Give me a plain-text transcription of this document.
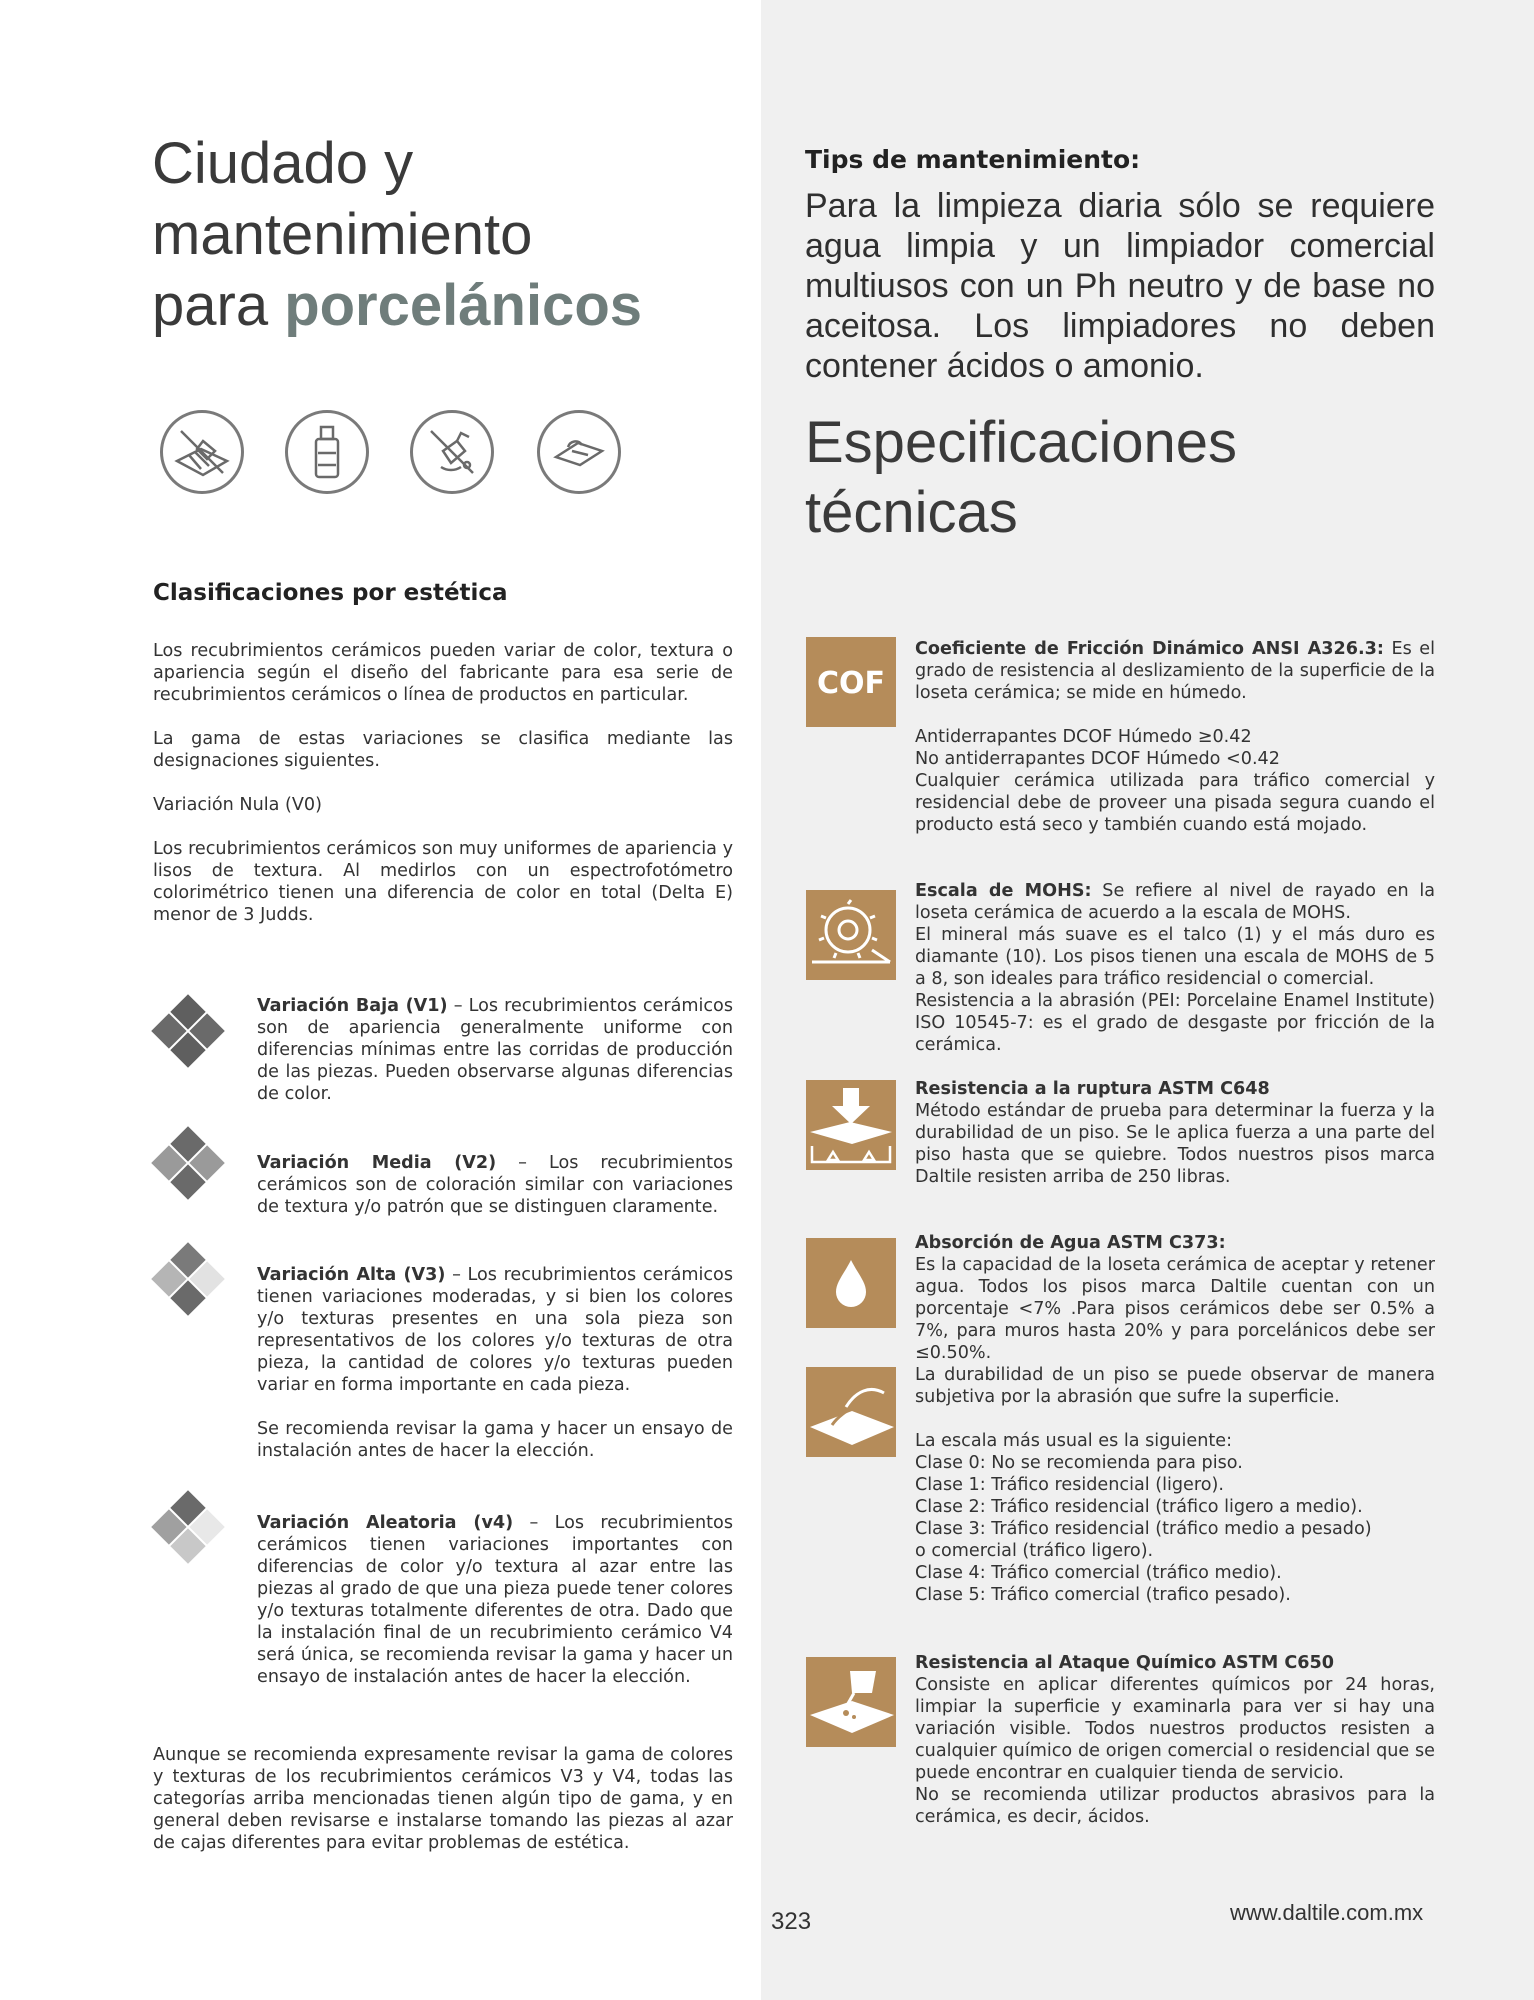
Ciudado y
mantenimiento
para porcelánicos
Clasificaciones por estética
Los recubrimientos cerámicos pueden variar de color, textura o apariencia según el diseño del fabricante para esa serie de recubrimientos cerámicos o línea de productos en particular.
La gama de estas variaciones se clasifica mediante las designaciones siguientes.
Variación Nula (V0)
Los recubrimientos cerámicos son muy uniformes de apariencia y lisos de textura. Al medirlos con un espectrofotómetro colorimétrico tienen una diferencia de color en total (Delta E) menor de 3 Judds.
Variación Baja (V1) – Los recubrimientos cerámicos son de apariencia generalmente uniforme con diferencias mínimas entre las corridas de producción de las piezas. Pueden observarse algunas diferencias de color.
Variación Media (V2) – Los recubrimientos cerámicos son de coloración similar con variaciones de textura y/o patrón que se distinguen claramente.
Variación Alta (V3) – Los recubrimientos cerámicos tienen variaciones moderadas, y si bien los colores y/o texturas presentes en una sola pieza son representativos de los colores y/o texturas de otra pieza, la cantidad de colores y/o texturas pueden variar en forma importante en cada pieza.
Se recomienda revisar la gama y hacer un ensayo de instalación antes de hacer la elección.
Variación Aleatoria (v4) – Los recubrimientos cerámicos tienen variaciones importantes con diferencias de color y/o textura al azar entre las piezas al grado de que una pieza puede tener colores y/o texturas totalmente diferentes de otra. Dado que la instalación final de un recubrimiento cerámico V4 será única, se recomienda revisar la gama y hacer un ensayo de instalación antes de hacer la elección.
Aunque se recomienda expresamente revisar la gama de colores y texturas de los recubrimientos cerámicos V3 y V4, todas las categorías arriba mencionadas tienen algún tipo de gama, y en general deben revisarse e instalarse tomando las piezas al azar de cajas diferentes para evitar problemas de estética.
Tips de mantenimiento:
Para la limpieza diaria sólo se requiere agua limpia y un limpiador comercial multiusos con un Ph neutro y de base no aceitosa. Los limpiadores no deben contener ácidos o amonio.
Especificaciones
técnicas
COF
Coeficiente de Fricción Dinámico ANSI A326.3: Es el grado de resistencia al deslizamiento de la superficie de la loseta cerámica; se mide en húmedo.
Antiderrapantes DCOF Húmedo ≥0.42
No antiderrapantes DCOF Húmedo <0.42
Cualquier cerámica utilizada para tráfico comercial y residencial debe de proveer una pisada segura cuando el producto está seco y también cuando está mojado.
Escala de MOHS: Se refiere al nivel de rayado en la loseta cerámica de acuerdo a la escala de MOHS.
El mineral más suave es el talco (1) y el más duro es diamante (10). Los pisos tienen una escala de MOHS de 5 a 8, son ideales para tráfico residencial o comercial.
Resistencia a la abrasión (PEI: Porcelaine Enamel Institute) ISO 10545-7: es el grado de desgaste por fricción de la cerámica.
Resistencia a la ruptura ASTM C648
Método estándar de prueba para determinar la fuerza y la durabilidad de un piso. Se le aplica fuerza a una parte del piso hasta que se quiebre. Todos nuestros pisos marca Daltile resisten arriba de 250 libras.
Absorción de Agua ASTM C373:
Es la capacidad de la loseta cerámica de aceptar y retener agua. Todos los pisos marca Daltile cuentan con un porcentaje <7% .Para pisos cerámicos debe ser 0.5% a 7%, para muros hasta 20% y para porcelánicos debe ser ≤0.50%.
La durabilidad de un piso se puede observar de manera subjetiva por la abrasión que sufre la superficie.
La escala más usual es la siguiente:
Clase 0: No se recomienda para piso.
Clase 1: Tráfico residencial (ligero).
Clase 2: Tráfico residencial (tráfico ligero a medio).
Clase 3: Tráfico residencial (tráfico medio a pesado)
o comercial (tráfico ligero).
Clase 4: Tráfico comercial (tráfico medio).
Clase 5: Tráfico comercial (trafico pesado).
Resistencia al Ataque Químico ASTM C650
Consiste en aplicar diferentes químicos por 24 horas, limpiar la superficie y examinarla para ver si hay una variación visible. Todos nuestros productos resisten a cualquier químico de origen comercial o residencial que se puede encontrar en cualquier tienda de servicio.
No se recomienda utilizar productos abrasivos para la cerámica, es decir, ácidos.
323	www.daltile.com.mx
